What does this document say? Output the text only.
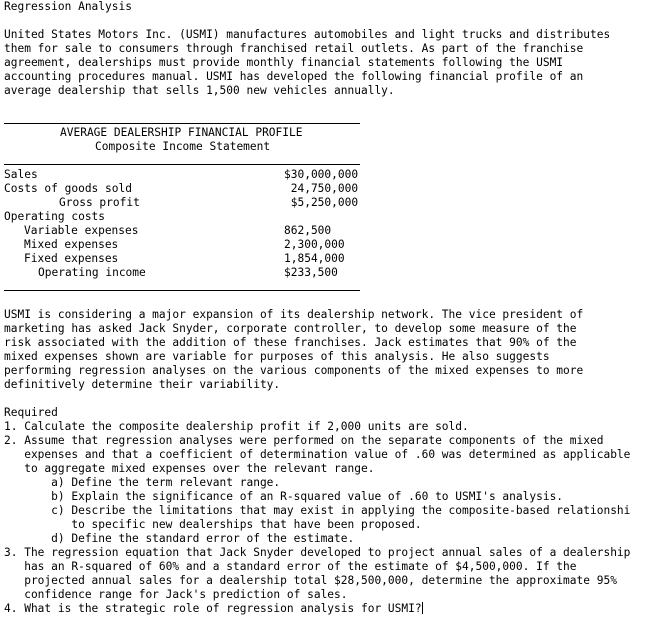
Regression Analysis
United States Motors Inc. (USMI) manufactures automobiles and light trucks and distributes
them for sale to consumers through franchised retail outlets. As part of the franchise
agreement, dealerships must provide monthly financial statements following the USMI
accounting procedures manual. USMI has developed the following financial profile of an
average dealership that sells 1,500 new vehicles annually.
AVERAGE DEALERSHIP FINANCIAL PROFILE
Composite Income Statement
Sales	$30,000,000
Costs of goods sold	24,750,000
Gross profit	$5,250,000
Operating costs
Variable expenses	862,500
Mixed expenses	2,300,000
Fixed expenses	1,854,000
Operating income	$233,500
USMI is considering a major expansion of its dealership network. The vice president of
marketing has asked Jack Snyder, corporate controller, to develop some measure of the
risk associated with the addition of these franchises. Jack estimates that 90% of the
mixed expenses shown are variable for purposes of this analysis. He also suggests
performing regression analyses on the various components of the mixed expenses to more
definitively determine their variability.
Required
1. Calculate the composite dealership profit if 2,000 units are sold.
2. Assume that regression analyses were performed on the separate components of the mixed
expenses and that a coefficient of determination value of .60 was determined as applicable
to aggregate mixed expenses over the relevant range.
a) Define the term relevant range.
b) Explain the significance of an R-squared value of .60 to USMI's analysis.
c) Describe the limitations that may exist in applying the composite-based relationshi
to specific new dealerships that have been proposed.
d) Define the standard error of the estimate.
3. The regression equation that Jack Snyder developed to project annual sales of a dealership
has an R-squared of 60% and a standard error of the estimate of $4,500,000. If the
projected annual sales for a dealership total $28,500,000, determine the approximate 95%
confidence range for Jack's prediction of sales.
4. What is the strategic role of regression analysis for USMI?
